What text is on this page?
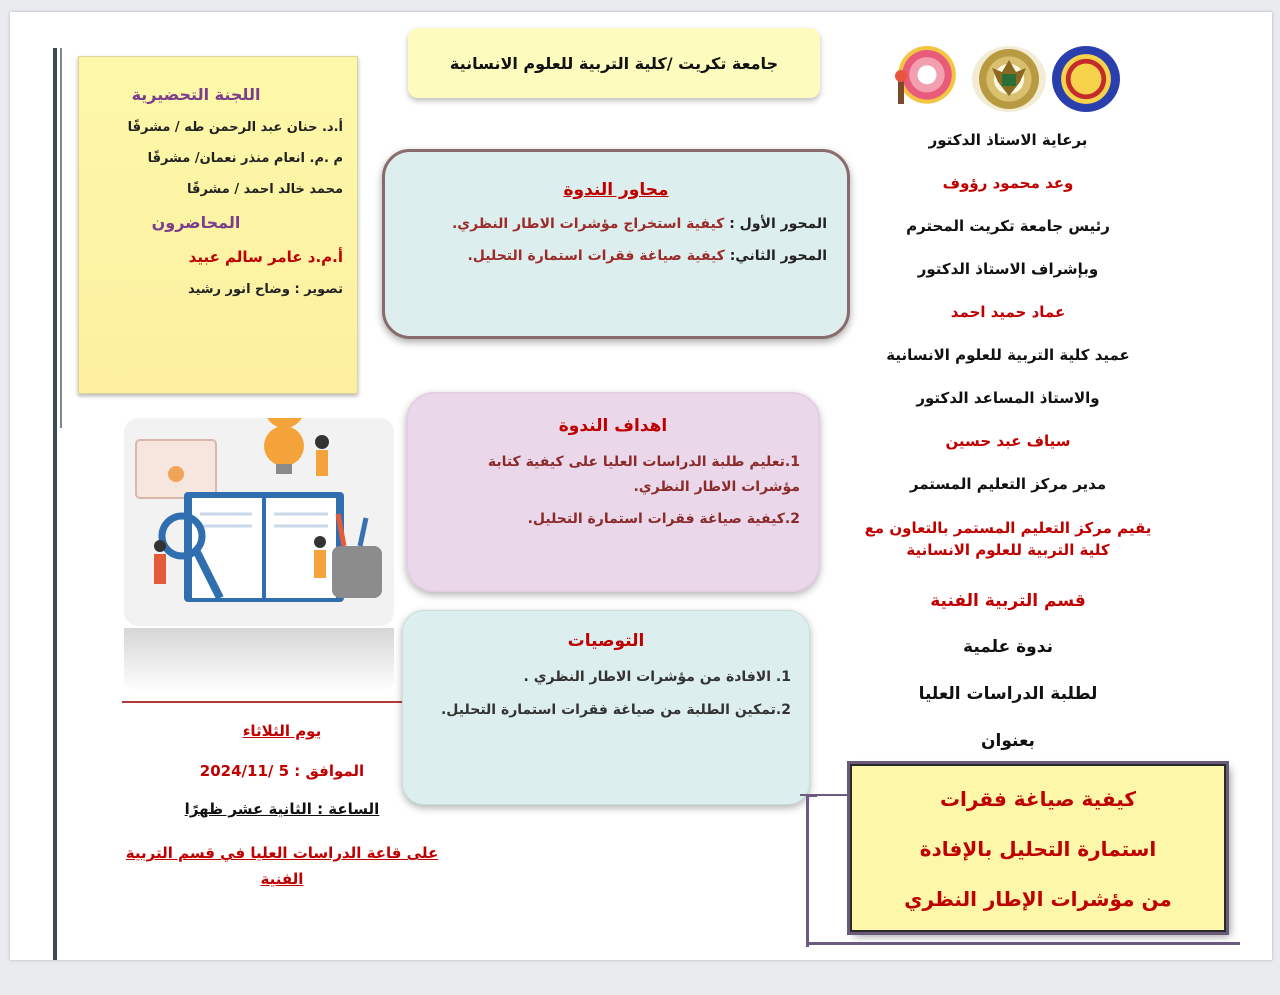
جامعة تكريت /كلية التربية للعلوم الانسانية
اللجنة التحضيرية
أ.د. حنان عبد الرحمن طه / مشرفًا
م .م. انعام منذر نعمان/ مشرفًا
محمد خالد احمد / مشرفًا
المحاضرون
أ.م.د عامر سالم عبيد
تصوير : وضاح انور رشيد
محاور الندوة
المحور الأول : كيفية استخراج مؤشرات الاطار النظري.
المحور الثاني: كيفية صياغة فقرات استمارة التحليل.
اهداف الندوة
1.تعليم طلبة الدراسات العليا على كيفية كتابة مؤشرات الاطار النظري.
2.كيفية صياغة فقرات استمارة التحليل.
التوصيات
1. الافادة من مؤشرات الاطار النظري .
2.تمكين الطلبة من صياغة فقرات استمارة التحليل.
يوم الثلاثاء
الموافق : 5 /2024/11
الساعة : الثانية عشر ظهرًا
على قاعة الدراسات العليا في قسم التربية الفنية
برعاية الاستاذ الدكتور
وعد محمود رؤوف
رئيس جامعة تكريت المحترم
وبإشراف الاستاذ الدكتور
عماد حميد احمد
عميد كلية التربية للعلوم الانسانية
والاستاذ المساعد الدكتور
سياف عبد حسين
مدير مركز التعليم المستمر
يقيم مركز التعليم المستمر بالتعاون مع كلية التربية للعلوم الانسانية
قسم التربية الفنية
ندوة علمية
لطلبة الدراسات العليا
بعنوان
كيفية صياغة فقرات
استمارة التحليل بالإفادة
من مؤشرات الإطار النظري
